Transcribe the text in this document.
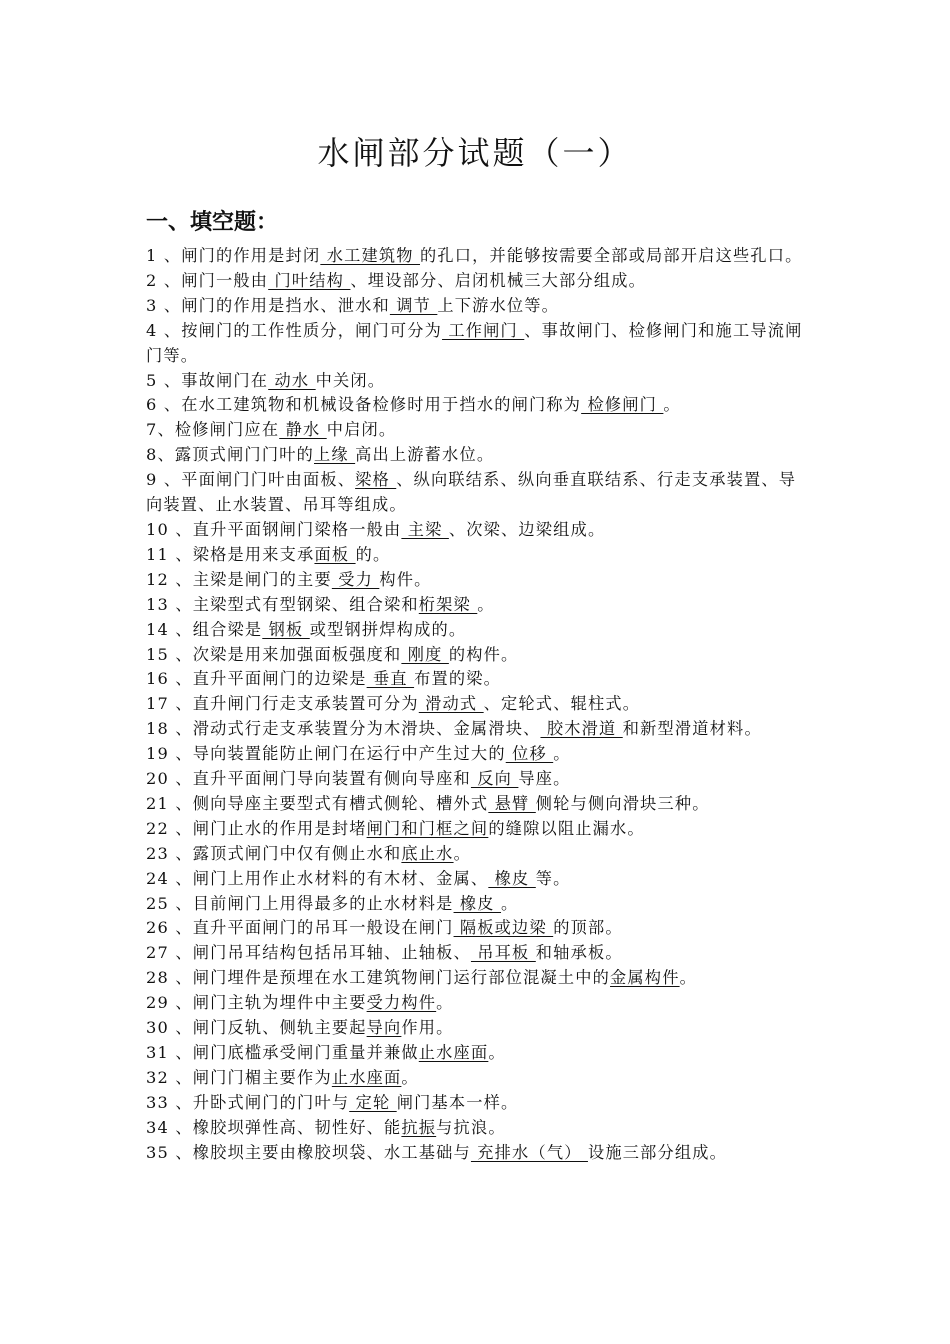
水闸部分试题（一）
一、填空题：

1 、闸门的作用是封闭 水工建筑物 的孔口，并能够按需要全部或局部开启这些孔口。

2 、闸门一般由 门叶结构 、埋设部分、启闭机械三大部分组成。

3 、闸门的作用是挡水、泄水和 调节 上下游水位等。

4 、按闸门的工作性质分，闸门可分为 工作闸门 、事故闸门、检修闸门和施工导流闸门等。

5 、事故闸门在 动水 中关闭。

6 、在水工建筑物和机械设备检修时用于挡水的闸门称为 检修闸门 。

7、检修闸门应在 静水 中启闭。

8、露顶式闸门门叶的上缘 高出上游蓄水位。

9 、平面闸门门叶由面板、梁格 、纵向联结系、纵向垂直联结系、行走支承装置、导向装置、止水装置、吊耳等组成。

10 、直升平面钢闸门梁格一般由 主梁 、次梁、边梁组成。

11 、梁格是用来支承面板 的。

12 、主梁是闸门的主要 受力 构件。

13 、主梁型式有型钢梁、组合梁和桁架梁 。

14 、组合梁是 钢板 或型钢拼焊构成的。

15 、次梁是用来加强面板强度和 刚度 的构件。

16 、直升平面闸门的边梁是 垂直 布置的梁。

17 、直升闸门行走支承装置可分为 滑动式 、定轮式、辊柱式。

18 、滑动式行走支承装置分为木滑块、金属滑块、 胶木滑道 和新型滑道材料。

19 、导向装置能防止闸门在运行中产生过大的 位移 。

20 、直升平面闸门导向装置有侧向导座和 反向 导座。

21 、侧向导座主要型式有槽式侧轮、槽外式 悬臂 侧轮与侧向滑块三种。

22 、闸门止水的作用是封堵闸门和门框之间的缝隙以阻止漏水。

23 、露顶式闸门中仅有侧止水和底止水。

24 、闸门上用作止水材料的有木材、金属、 橡皮 等。

25 、目前闸门上用得最多的止水材料是 橡皮 。

26 、直升平面闸门的吊耳一般设在闸门 隔板或边梁 的顶部。

27 、闸门吊耳结构包括吊耳轴、止轴板、 吊耳板 和轴承板。

28 、闸门埋件是预埋在水工建筑物闸门运行部位混凝土中的金属构件。

29 、闸门主轨为埋件中主要受力构件。

30 、闸门反轨、侧轨主要起导向作用。

31 、闸门底槛承受闸门重量并兼做止水座面。

32 、闸门门楣主要作为止水座面。

33 、升卧式闸门的门叶与 定轮 闸门基本一样。

34 、橡胶坝弹性高、韧性好、能抗振与抗浪。

35 、橡胶坝主要由橡胶坝袋、水工基础与 充排水（气） 设施三部分组成。
